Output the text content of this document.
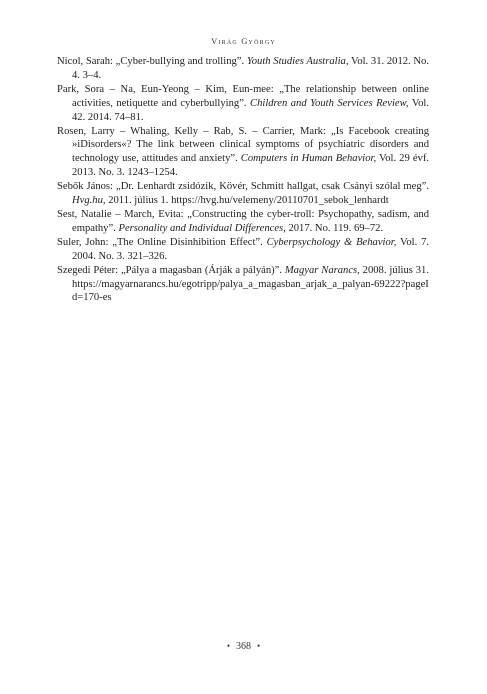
Virág György

Nicol, Sarah: „Cyber-bullying and trolling”. Youth Studies Australia, Vol. 31. 2012. No. 4. 3–4.

Park, Sora – Na, Eun-Yeong – Kim, Eun-mee: „The relationship between online activities, netiquette and cyberbullying”. Children and Youth Services Review, Vol. 42. 2014. 74–81.

Rosen, Larry – Whaling, Kelly – Rab, S. – Carrier, Mark: „Is Facebook creating »iDisorders«? The link between clinical symptoms of psychiatric disorders and technology use, attitudes and anxiety”. Computers in Human Behavior, Vol. 29 évf. 2013. No. 3. 1243–1254.

Sebők János: „Dr. Lenhardt zsidózik, Kövér, Schmitt hallgat, csak Csányi szólal meg”. Hvg.hu, 2011. július 1. https://hvg.hu/velemeny/20110701_sebok_lenhardt

Sest, Natalie – March, Evita: „Constructing the cyber-troll: Psychopathy, sadism, and empathy”. Personality and Individual Differences, 2017. No. 119. 69–72.

Suler, John: „The Online Disinhibition Effect”. Cyberpsychology & Behavior, Vol. 7. 2004. No. 3. 321–326.

Szegedi Péter: „Pálya a magasban (Árják a pályán)”. Magyar Narancs, 2008. július 31. https://magyarnarancs.hu/egotripp/palya_a_magasban_arjak_a_palyan-69222?pageId=170-es

• 368 •
